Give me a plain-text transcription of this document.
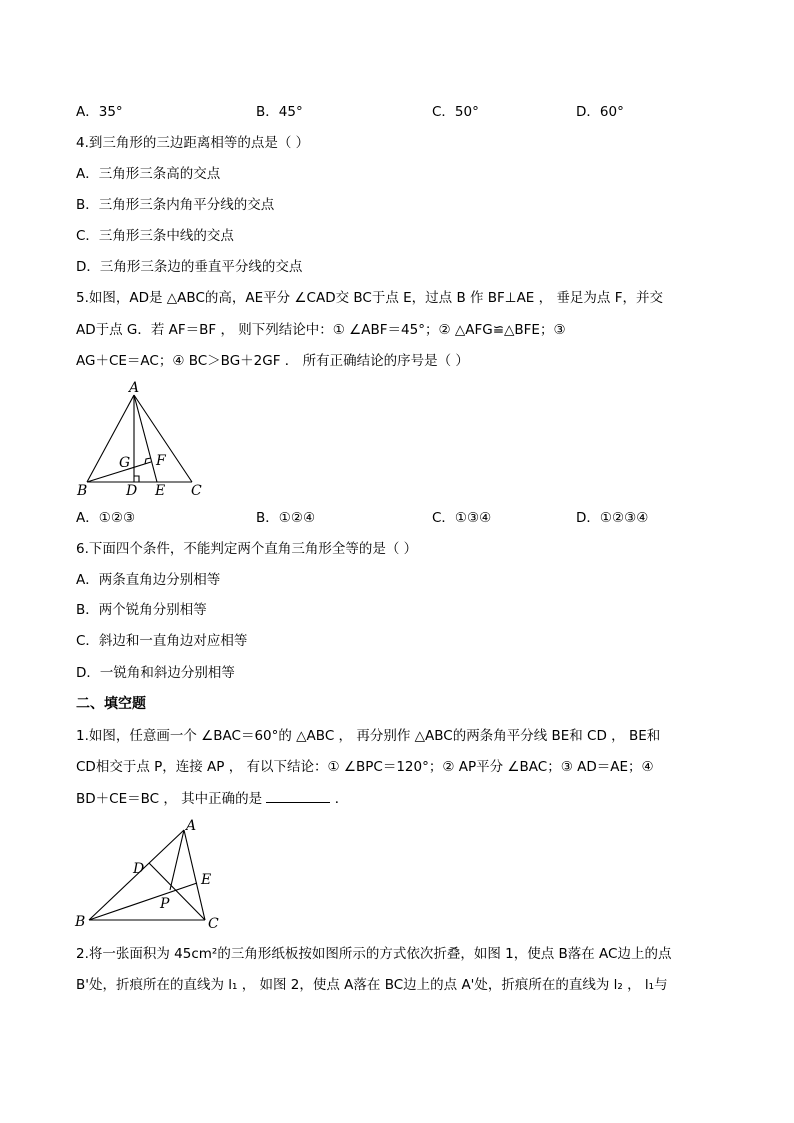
A．35°	B．45°	C．50°	D．60°
4.到三角形的三边距离相等的点是（ ）
A．三角形三条高的交点
B．三角形三条内角平分线的交点
C．三角形三条中线的交点
D．三角形三条边的垂直平分线的交点
5.如图，AD是 △ABC的高，AE平分 ∠CAD交 BC于点 E，过点 B 作 BF⊥AE ， 垂足为点 F，并交
AD于点 G．若 AF＝BF ， 则下列结论中：① ∠ABF＝45°；② △AFG≌△BFE；③
AG＋CE＝AC；④ BC＞BG＋2GF ． 所有正确结论的序号是（ ）
A
B	C
D E
F
G
A．①②③	B．①②④	C．①③④	D．①②③④
6.下面四个条件，不能判定两个直角三角形全等的是（ ）
A．两条直角边分别相等
B．两个锐角分别相等
C．斜边和一直角边对应相等
D．一锐角和斜边分别相等
二、填空题
1.如图，任意画一个 ∠BAC＝60°的 △ABC ， 再分别作 △ABC的两条角平分线 BE和 CD ， BE和
CD相交于点 P，连接 AP ， 有以下结论：① ∠BPC＝120°；② AP平分 ∠BAC；③ AD＝AE；④
BD＋CE＝BC ， 其中正确的是	．
A
B	C
D
E
P
2.将一张面积为 45cm²的三角形纸板按如图所示的方式依次折叠，如图 1，使点 B落在 AC边上的点
B'处，折痕所在的直线为 l₁ ， 如图 2，使点 A落在 BC边上的点 A'处，折痕所在的直线为 l₂ ， l₁与
